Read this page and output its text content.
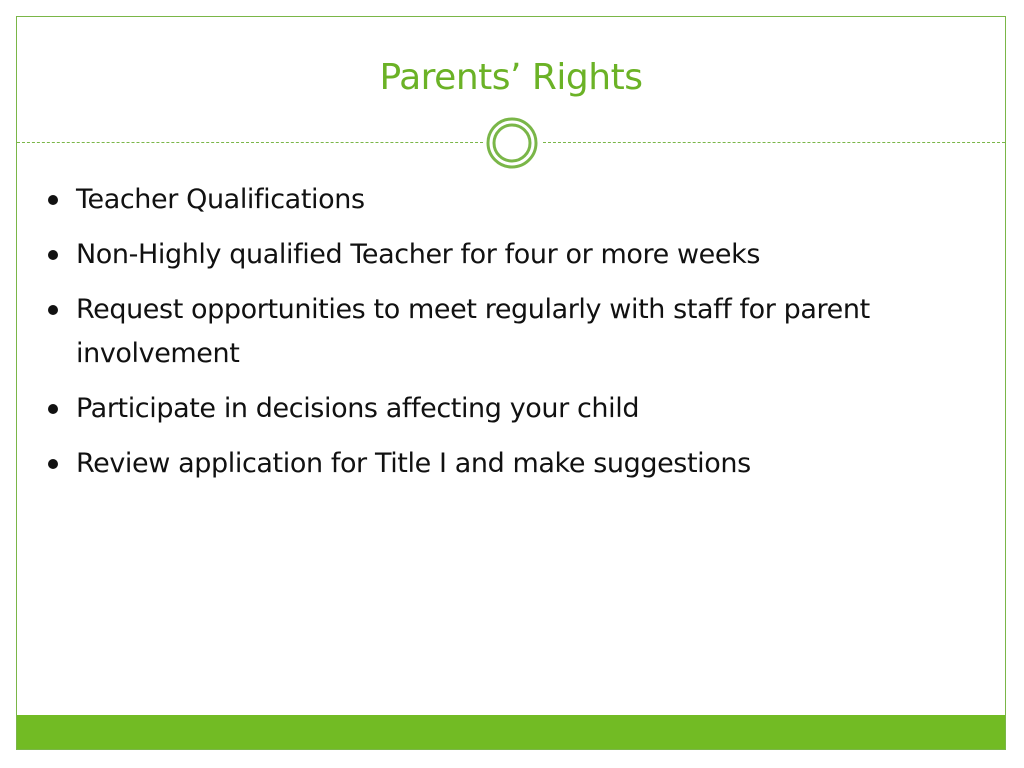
Parents’ Rights
Teacher Qualifications
Non-Highly qualified Teacher for four or more weeks
Request opportunities to meet regularly with staff for parent involvement
Participate in decisions affecting your child
Review application for Title I and make suggestions
